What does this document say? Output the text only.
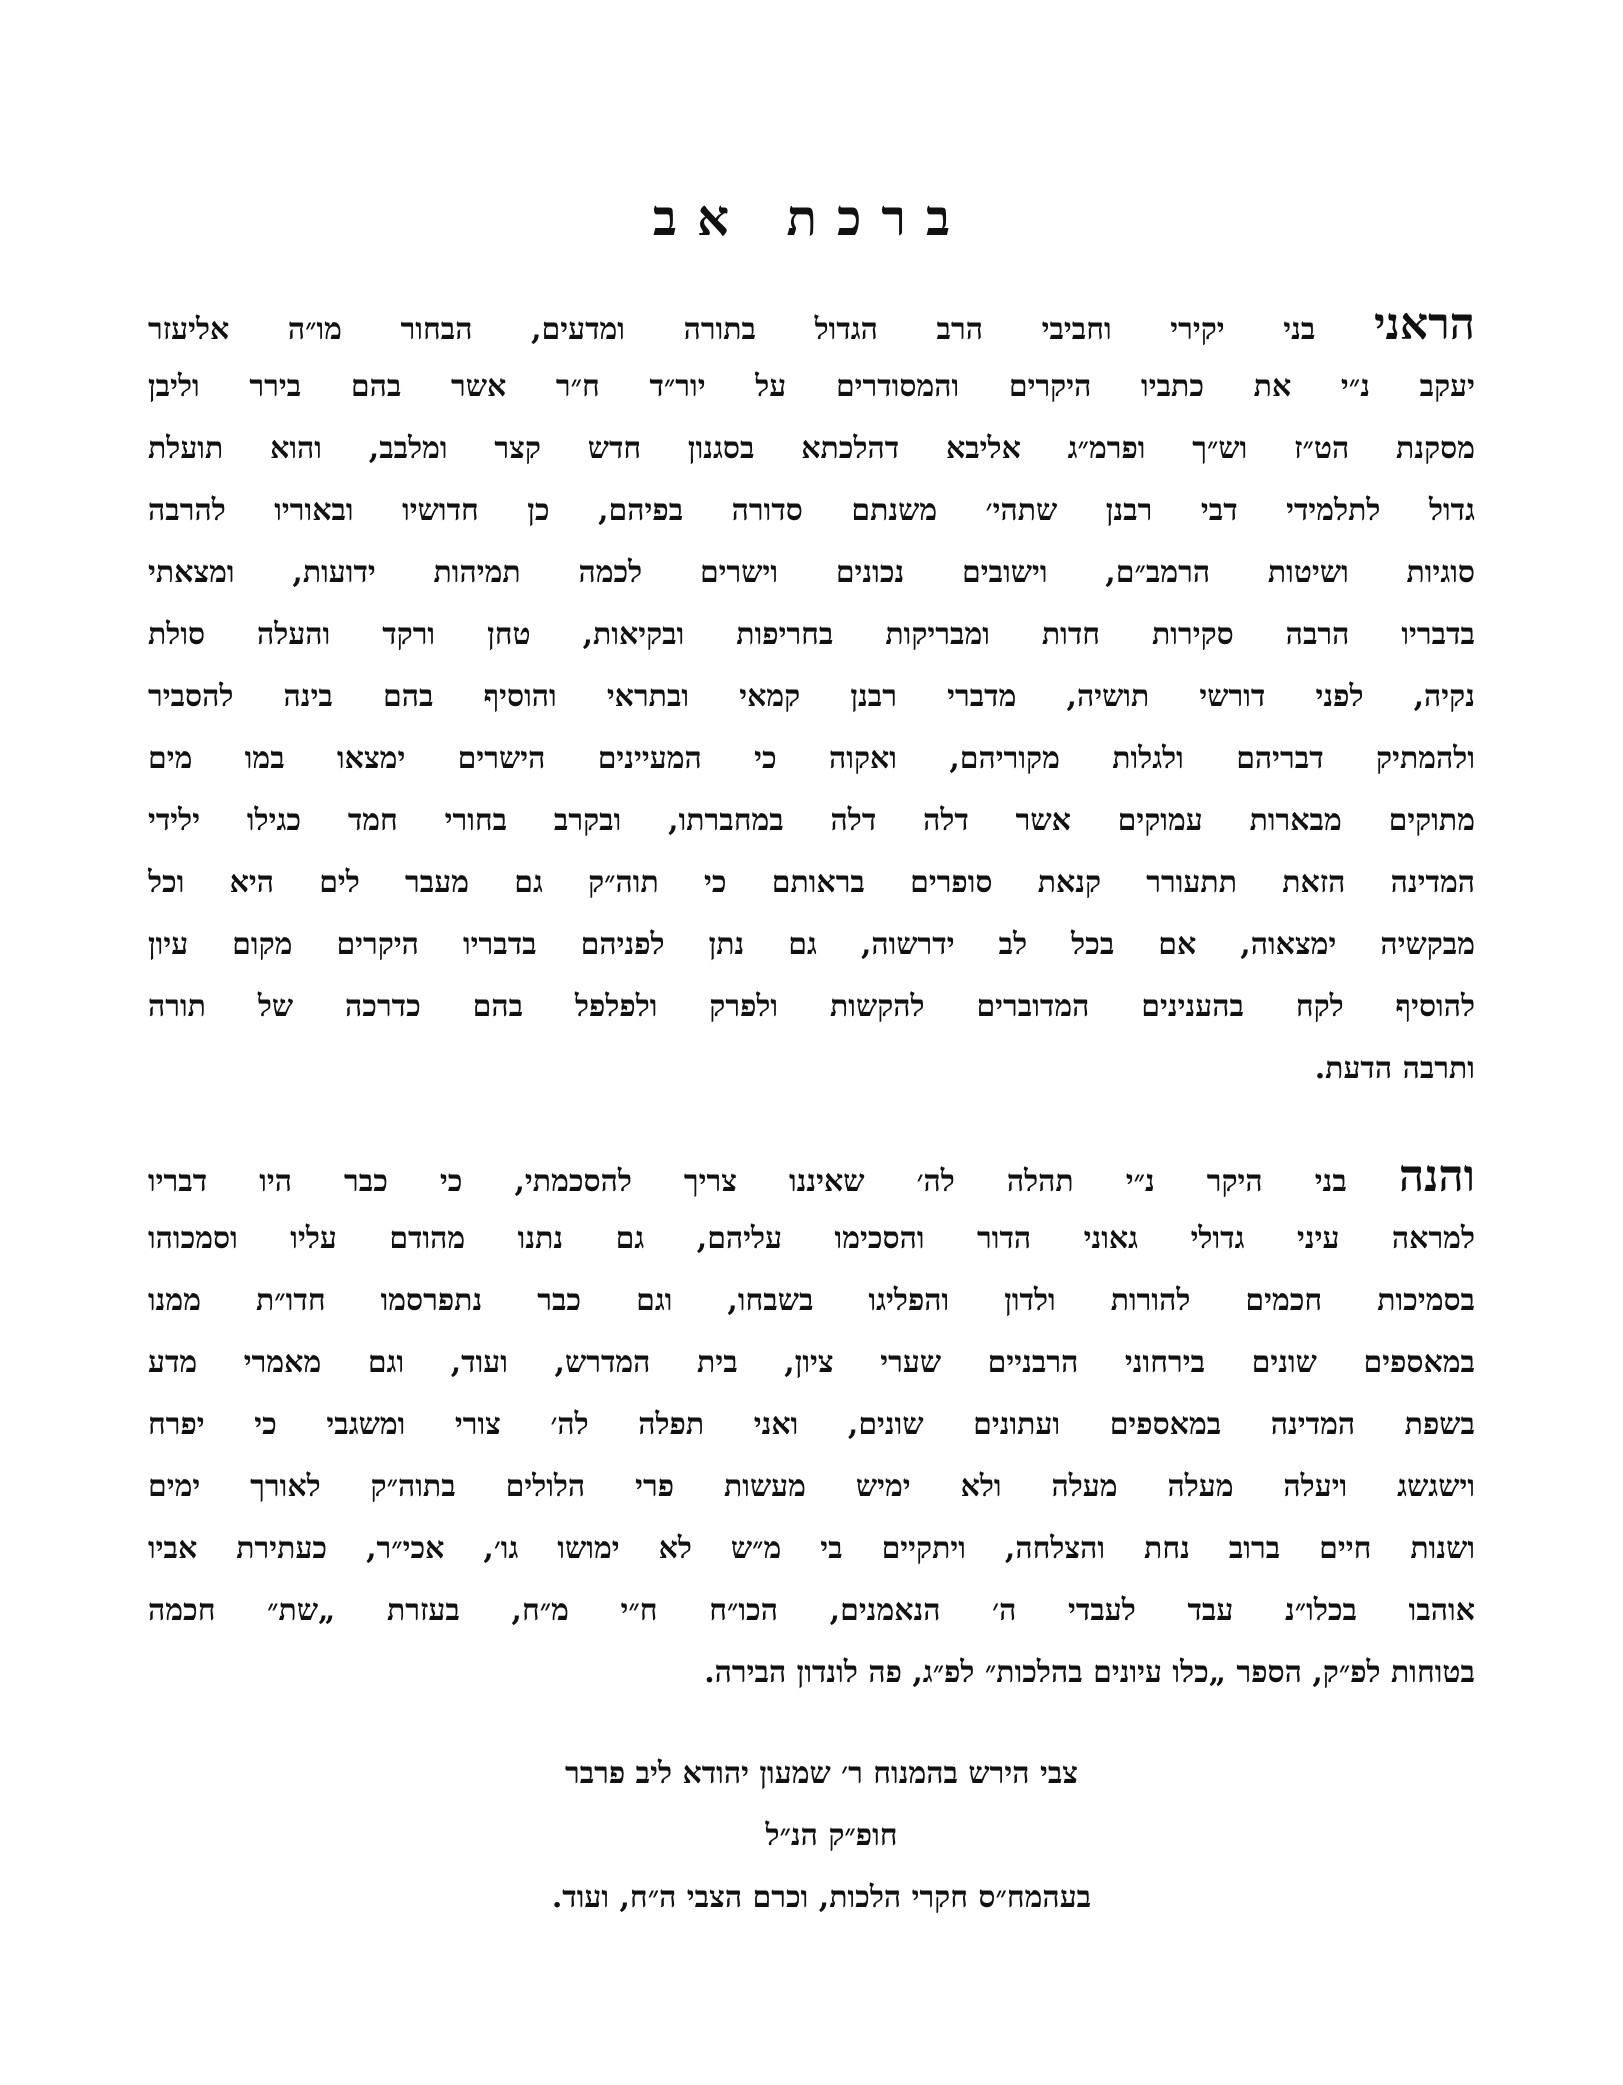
ברכת אב
הראני בני יקירי וחביבי הרב הגדול בתורה ומדעים, הבחור מו״ה אליעזר
יעקב נ״י את כתביו היקרים והמסודרים על יור״ד ח״ר אשר בהם בירר וליבן
מסקנת הט״ז וש״ך ופרמ״ג אליבא דהלכתא בסגנון חדש קצר ומלבב, והוא תועלת
גדול לתלמידי דבי רבנן שתהי׳ משנתם סדורה בפיהם, כן חדושיו ובאוריו להרבה
סוגיות ושיטות הרמב״ם, וישובים נכונים וישרים לכמה תמיהות ידועות, ומצאתי
בדבריו הרבה סקירות חדות ומבריקות בחריפות ובקיאות, טחן ורקד והעלה סולת
נקיה, לפני דורשי תושיה, מדברי רבנן קמאי ובתראי והוסיף בהם בינה להסביר
ולהמתיק דבריהם ולגלות מקוריהם, ואקוה כי המעיינים הישרים ימצאו במו מים
מתוקים מבארות עמוקים אשר דלה דלה במחברתו, ובקרב בחורי חמד כגילו ילידי
המדינה הזאת תתעורר קנאת סופרים בראותם כי תוה״ק גם מעבר לים היא וכל
מבקשיה ימצאוה, אם בכל לב ידרשוה, גם נתן לפניהם בדבריו היקרים מקום עיון
להוסיף לקח בהענינים המדוברים להקשות ולפרק ולפלפל בהם כדרכה של תורה
ותרבה הדעת.
והנה בני היקר נ״י תהלה לה׳ שאיננו צריך להסכמתי, כי כבר היו דבריו
למראה עיני גדולי גאוני הדור והסכימו עליהם, גם נתנו מהודם עליו וסמכוהו
בסמיכות חכמים להורות ולדון והפליגו בשבחו, וגם כבר נתפרסמו חדו״ת ממנו
במאספים שונים בירחוני הרבניים שערי ציון, בית המדרש, ועוד, וגם מאמרי מדע
בשפת המדינה במאספים ועתונים שונים, ואני תפלה לה׳ צורי ומשגבי כי יפרח
וישגשג ויעלה מעלה מעלה ולא ימיש מעשות פרי הלולים בתוה״ק לאורך ימים
ושנות חיים ברוב נחת והצלחה, ויתקיים בי מ״ש לא ימושו גו׳, אכי״ר, כעתירת אביו
אוהבו בכלו״נ עבד לעבדי ה׳ הנאמנים, הכו״ח ח״י מ״ח, בעזרת „שת״ חכמה
בטוחות לפ״ק, הספר „כלו עיונים בהלכות״ לפ״ג, פה לונדון הבירה.
צבי הירש בהמנוח ר׳ שמעון יהודא ליב פרבר
חופ״ק הנ״ל
בעהמח״ס חקרי הלכות, וכרם הצבי ה״ח, ועוד.
